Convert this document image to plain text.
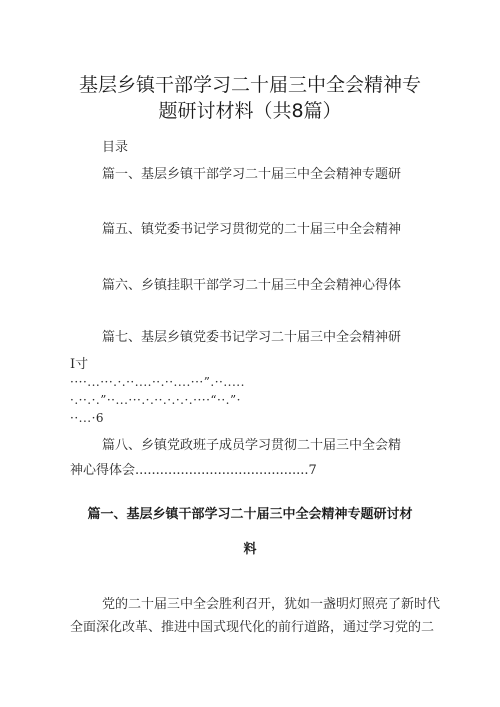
基层乡镇干部学习二十届三中全会精神专
题研讨材料（共8篇）
目录
篇一、基层乡镇干部学习二十届三中全会精神专题研
篇五、镇党委书记学习贯彻党的二十届三中全会精神
篇六、乡镇挂职干部学习二十届三中全会精神心得体
篇七、基层乡镇党委书记学习二十届三中全会精神研
I寸
····...···.·.··....··.··....···”.··.....
·.··.·.”··...···.·.··.·.·.·.····“··.”·
··...·6
篇八、乡镇党政班子成员学习贯彻二十届三中全会精
神心得体会..........................................7
篇一、基层乡镇干部学习二十届三中全会精神专题研讨材
料
党的二十届三中全会胜利召开，犹如一盏明灯照亮了新时代
全面深化改革、推进中国式现代化的前行道路，通过学习党的二
